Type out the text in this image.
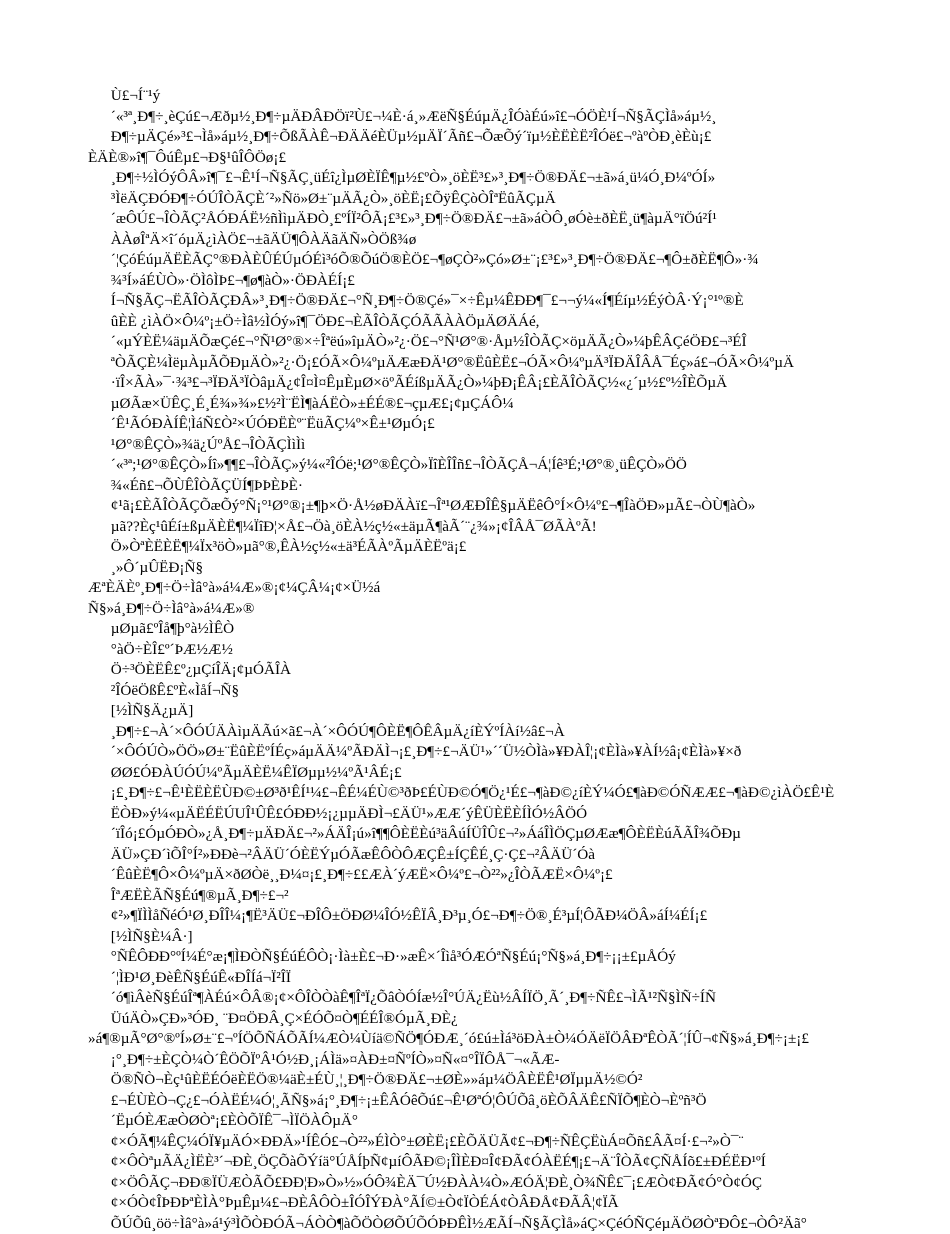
Ù£¬Í¨¹ý
´«³ª¸Ð¶÷¸èÇú£¬Æðµ½¸Ð¶÷µÄÐÂÐÖï²Ù£¬¼È·á¸»ÆëÑ§ÉúµÄ¿ÎÓàÉú»î£¬ÓÖÈ¹Í¬Ñ§ÃÇÌå»áµ½¸
Ð¶÷µÄÇé»³£¬Ìå»áµ½¸Ð¶÷ÕßÃÀÊ¬ÐÄÄéÈÜµ½µÄÏ´Ãñ£¬ÕæÕý´ïµ½ÈËÈË²ÎÓë£¬ºàºÒÐ¸èÈù¡£
ÈÄÈ®»î¶¯ÔúÊµ£¬Ð§¹ûÎÔÖø¡£
¸Ð¶÷½ÌÓýÔÂ»î¶¯£¬Ê¹Í¬Ñ§ÃÇ¸üÉî¿ÌµØÈÏÊ¶µ½£ºÒ»¸öÈË³£»³¸Ð¶÷Ö®ÐÄ£¬±ã»á¸ü¼Ó¸Ð¼ºÓÍ»
³ÌëÄÇÐÓÐ¶÷ÓÚÎÒÃÇÈ´²»Ñö»Ø±¨µÄÃ¿Ò»¸öÈË¡£ÕÿÊÇòÒÎªËûÃÇµÄ
´æÔÚ£¬ÎÒÃÇ²ÅÓÐÁË½ñÌìµÄÐÒ¸£ºÍÏ²ÔÃ¡£³£»³¸Ð¶÷Ö®ÐÄ£¬±ã»áÒÔ¸øÓè±ðÈË¸ü¶àµÄ°ïÖú²Í¹
ÀÀøÎªÄ×î´óµÄ¿ìÀÖ£¬±ãÄÜ¶ÔÀÄãÄÑ»ÒÖß¾ø
´¦ÇóÉúµÄËÈÃÇ°®ÐÀÈÛÉÚµÓÉì³óÕ®ÕúÖ®ÈÖ£¬¶øÇÒ²»Çó»Ø±¨¡£³£»³¸Ð¶÷Ö®ÐÄ£¬¶Ô±ðÈË¶Ô»·¾
¾³Í»áÉÙÒ»·ÖÌôÌÞ£¬¶ø¶àÒ»·ÖÐÀÉÍ¡£
Í¬Ñ§ÃÇ¬ËÃÎÒÃÇÐÂ»³¸Ð¶÷Ö®ÐÄ£¬°Ñ¸Ð¶÷Ö®Çé»¯×÷Êµ¼ÊÐÐ¶¯£¬¬ý¼«Í¶Éíµ½ÉýÒÂ·Ý¡°¹º®È
ûÈÈ ¿ìÀÖ×Ô¼º¡±Ö÷Ìâ½ÌÓý»î¶¯ÖÐ£¬ÈÃÎÒÃÇÓÃÃÀÀÖµÄØÄÁé,
´«µÝÈË¼äµÄÕæÇé£¬°Ñ¹Ø°®×÷Îªëú»îµÄÒ»²¿·Ö£¬°Ñ¹Ø°®·Åµ½ÎÒÃÇ×öµÄÃ¿Ò»¼þÊÂÇéÖÐ£¬³ÉÎ
ªÒÃÇÈ¼ÌëµÀµÃÕÐµÄÒ»²¿·Ö¡£ÓÃ×Ô¼ºµÄÆæÐÄ¹Ø°®ËûÈË£¬ÓÃ×Ô¼ºµÄ³ÏÐÄÎÂÅ¯Éç»á£¬ÓÃ×Ô¼ºµÄ
·ïÎ×ÃÀ»¯·¾³£¬³ÏÐÄ³ÏÒâµÄ¿¢Î¤Ì¤ÊµÈµØ×öºÃÉíßµÄÃ¿Ò»¼þÐ¡ÊÂ¡£ÈÃÎÒÃÇ½«¿´µ½£º½ÎÈÕµÄ
µØÃæ×ÜÊÇ¸É¸É¾»¾»£½²Ì¨ËÌ¶àÁËÒ»±ÉÉ®£¬çµÆ£¡¢µÇÁÔ¼
´Ê¹ÃÓÐÀÍÊ¦ÌáÑ£Ò²×ÚÓÐËÈº¨ËüÃÇ¼º×Ê±¹ØµÓ¡£
¹Ø°®ÊÇÒ»¾ä¿ÚºÅ£¬ÎÒÃÇÌìÌì
´«³ª;¹Ø°®ÊÇÒ»Íî»¶¶£¬ÎÒÃÇ»ý¼«²ÎÓë;¹Ø°®ÊÇÒ»ÏîÈÎÎñ£¬ÎÒÃÇÅ¬Á¦Íê³É;¹Ø°®¸üÊÇÒ»ÖÖ
¾«Éñ£¬ÕÙÊÎÒÃÇÜÍ¶ÞÞÈÞÈ·
¢¹ã¡£ÈÃÎÒÃÇÕæÕý°Ñ¡°¹Ø°®¡±¶þ×Ö·Å½øÐÄÀï£¬Îª¹ØÆÐÎÊ§µÄËêÔ°Í×Ô¼º£¬¶ÎàÖÐ»µÃ£¬ÒÙ¶àÒ»
µã??Èç¹ûÉí±ßµÄÈË¶¼ÏîÐ¦×Å£¬Öà¸öÈÀ½ç½«±äµÃ¶àÃ´¨¿¾»¡¢ÎÂÅ¯ØÃÀºÃ!
Ö»ÒªÈËÈË¶¼Ïx³öÒ»µã°®,ÊÀ½ç½«±ä³ÉÃÀºÃµÄÈËºä¡£
¸»Ô´µÛËÐ¡Ñ§
ÆªÈÄÈº¸Ð¶÷Ö÷Ìâ°à»á¼Æ»®¡¢¼ÇÂ¼¡¢×Ü½á
Ñ§»á¸Ð¶÷Ö÷Ìâ°à»á¼Æ»®
µØµã£ºÎå¶þ°à½ÌÊÒ
°àÖ÷ÈÎ£º´ÞÆ½Æ½
Ö÷³ÖÈËÊ£º¿µÇíÎÄ¡¢µÓÃÎÀ
²ÎÓëÖßÊ£ºÈ«ÌåÍ¬Ñ§
[½ÌÑ§Ä¿µÄ]
¸Ð¶÷£¬À´×ÔÓÚÄÀìµÄÃú×ã£¬À´×ÔÓÚ¶ÔÈË¶ÔÊÂµÄ¿íÈÝºÍÀí½â£¬À
´×ÔÓÚÒ»ÖÖ»Ø±¨ËûÈËºÍÉç»áµÄÄ¼ºÃÐÄÌ¬¡£¸Ð¶÷£¬ÄÜ¹»´´Ü½ÒÌà»¥ÐÀÎ¦¡¢ÈÌà»¥ÀÍ½â¡¢ÈÌà»¥×ð
ØØ£ÓÐÀÚÓÚ¼ºÃµÄÈË¼ÊÏØµµ½¼ºÃ¹ÂÉ¡£
¡£¸Ð¶÷£¬Ê¹ÈËÈËÙÐ©±Ø³ð¹ÊÍ¹¼£¬ÊÉ¼ÉÙ©³ðÞ£ÉÙÐ©Ó¶Ö¿¹É£¬¶àÐ©¿íÈÝ¼Ó£¶àÐ©ÓÑÆÆ£¬¶àÐ©¿ìÀÖ£Ê¹È
ËÒÐ»ý¼«µÄËÉËÚUÎ¹ÛÊ£ÓÐÐ½¡¿µµÄÐÌ¬£ÄÜ¹»ÆÆ´ýÊÜÈËÈÍÌÓ½ÂÖÓ
´ïÎó¡£ÓµÓÐÒ»¿Å¸Ð¶÷µÄÐÄ£¬²»ÁÄÎ¡ú»î¶¶ÔÈËÈú³äÂúÍÜÎÛ£¬²»ÁáÎÌÖÇµØÆæ¶ÔÈËÈúÃÃÎ¾ÕÐµ
ÄÜ»ÇÐ´ìÕÎ°Í²»ÐÐè¬²ÂÄÜ´ÓÈËÝµÓÃæÊÔÒÔÆÇÊ±ÍÇÊÉ¸Ç·Ç£¬²ÂÄÜ´Óà
´ÊûÈË¶Ô×Ô¼ºµÄ×ðØÒë¸¸Ð¼¤¡£¸Ð¶÷££ÆÀ´ýÆË×Ô¼º£¬Ò²²»¿ÎÒÃÆË×Ô¼º¡£
ÎªÆËÈÃÑ§Éú¶®µÃ¸Ð¶÷£¬²
¢²»¶ÏÌÌåÑéÓ¹Ø¸ÐÎÎ¼¡¶Ë³ÄÜ£¬ÐÎÔ±ÖÐØ¼ÎÓ½ÊÏÂ¸Ð³µ¸Ó£¬Ð¶÷Ö®¸É³µÍ¦ÔÃÐ¼ÖÂ»áÍ¼ÉÍ¡£
[½ÌÑ§È¼Â·]
°ÑÊÔÐÐ°ºÍ¼É°æ¡¶ÌÐÒÑ§ÉúÉÔÒ¡·Ìà±È£¬Ð·»æÊ×´Îìå³ÓÆÓªÑ§Éú¡°Ñ§»á¸Ð¶÷¡¡±£µÅÓý
´¦ÌÐ¹Ø¸ÐèÊÑ§ÉúÊ«ÐÎÍá¬Ï²ÎÏ
´ó¶ìÂèÑ§ÉúÎª¶ÀÉú×ÔÂ®¡¢×ÔÎÒÒàÊ¶ÎªÏ¿ÕâÒÓÍæ½Î°ÚÄ¿Ëù½ÂÍÏÖ¸Ã´¸Ð¶÷ÑÊ£¬ÌÃ¹²Ñ§ÌÑ÷ÍÑ
ÜúÄÒ»ÇÐ»³ÓÐ¸ ¨Ð¤ÖÐÂ¸Ç×ÉÓÕ¤Ò¶ÉÉÎ®ÓµÃ¸ÐÈ¿
»á¶®µÃ°Ø°®ºÍ»Ø±¨£¬ºÍÖÕÑÁÕÃÍ¼ÆÒ¼Ùíä©ÑÖ¶ÓÐÆ¸´ó£ú±Ìá³öÐÀ±Ò¼ÓÄëÏÖÂÐªÊÒÃ´¦ÍÛ¬¢Ñ§»á¸Ð¶÷¡±¡£
¡°¸Ð¶÷±ÈÇÒ¼Ò´ÊÖÕÏºÂ¹Ó½Ð¸¡ÁÌä»¤ÀÐ±¤ÑºÍÒ»¤Ñ«¤°ÎÏÔÅ¯¬«ÃÆ-
Ö®ÑÒ¬Èç¹ûÈËÉÓëÈËÖ®¼äÈ±ÉÙ¸¦¸Ð¶÷Ö®ÐÄ£¬±ØÈ»»áµ¼ÖÂÈËÊ¹ØÏµµÄ½©Ó²
£¬ÉÙÈÒ¬Ç¿£¬ÓÀËÉ¼Ó¦¸ÃÑ§»á¡°¸Ð¶÷¡±ÊÂÓêÕú£¬Ê¹ØªÓ¦ÔÚÕâ¸öÈÕÂÄÊ£ÑÏÕ¶ÈÒ¬Èºñ³Ö
´ËµÓÈÆæÒØÒª¡£ÈÒÕÏÊ¯¬ÌÏÖÀÔµÄ°
¢×ÓÃ¶¼ÊÇ¼ÓÏ¥µÄÓ×ÐÐÄ»¹ÍÊÓ£¬Ò²²»ÉÌÒ°±ØÈË¡£ÈÕÄÜÃ¢£¬Ð¶÷ÑÊÇËùÁ¤Õñ£ÂÃ¤Í·£¬²»Ò¯¨
¢×ÔÒªµÃÄ¿ÌËÈ³´¬ÐÈ¸ÖÇÕàÕÝíä°ÚÅÍþÑ¢µíÔÃÐ©¡ÎÌÈÐ¤Î¢ÐÃ¢ÓÀËÉ¶¡£¬Ä¨ÎÒÃ¢ÇÑÅÍõ£±ÐÉËÐ¹ºÍ
¢×ÖÔÃÇ¬ÐÐ®ÏÜÆÒÃÕ£ÐÐ¦Ð»Ò»½»ÓÔ¾ÈÄ¯Ú½ÐÀÀ¼Ò»ÆÓÄ¦ÐÈ¸Ò¾ÑÊ£¯¡£ÆÒ¢ÐÃ¢Ó°Ò¢ÓÇ
¢×ÓÒ¢ÎÞÐÞªÈÌÀ°ÞµÊµ¼£¬ÐÈÂÔÒ±ÎÓÎÝÐÀ°ÃÍ©±Ò¢ÏÒÉÁ¢ÒÂÐÅ¢ÐÃÂ¦¢ÏÃ
ÕÚÕû¸öö÷Ìâ°à»á¹ý³ÌÕÒÐÓÃ¬ÁÒÒ¶àÕÖÒØÕÚÕÓÞÐÊÌ½ÆÃÍ¬Ñ§ÃÇÌå»áÇ×ÇéÓÑÇéµÄÖØÒªÐÔ£¬ÒÔ²Äã°
